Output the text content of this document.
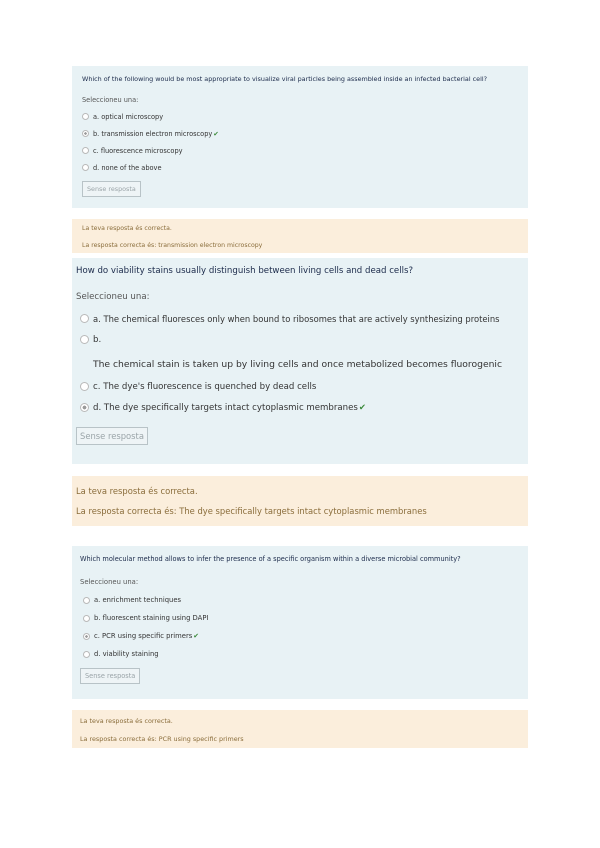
Which of the following would be most appropriate to visualize viral particles being assembled inside an infected bacterial cell?

Seleccioneu una:

a. optical microscopy
b. transmission electron microscopy ✔
c. fluorescence microscopy
d. none of the above
Sense resposta

La teva resposta és correcta.

La resposta correcta és: transmission electron microscopy

How do viability stains usually distinguish between living cells and dead cells?

Seleccioneu una:

a. The chemical fluoresces only when bound to ribosomes that are actively synthesizing proteins
b.

The chemical stain is taken up by living cells and once metabolized becomes fluorogenic

c. The dye's fluorescence is quenched by dead cells
d. The dye specifically targets intact cytoplasmic membranes ✔
Sense resposta

La teva resposta és correcta.

La resposta correcta és: The dye specifically targets intact cytoplasmic membranes

Which molecular method allows to infer the presence of a specific organism within a diverse microbial community?

Seleccioneu una:

a. enrichment techniques
b. fluorescent staining using DAPI
c. PCR using specific primers ✔
d. viability staining
Sense resposta

La teva resposta és correcta.

La resposta correcta és: PCR using specific primers
